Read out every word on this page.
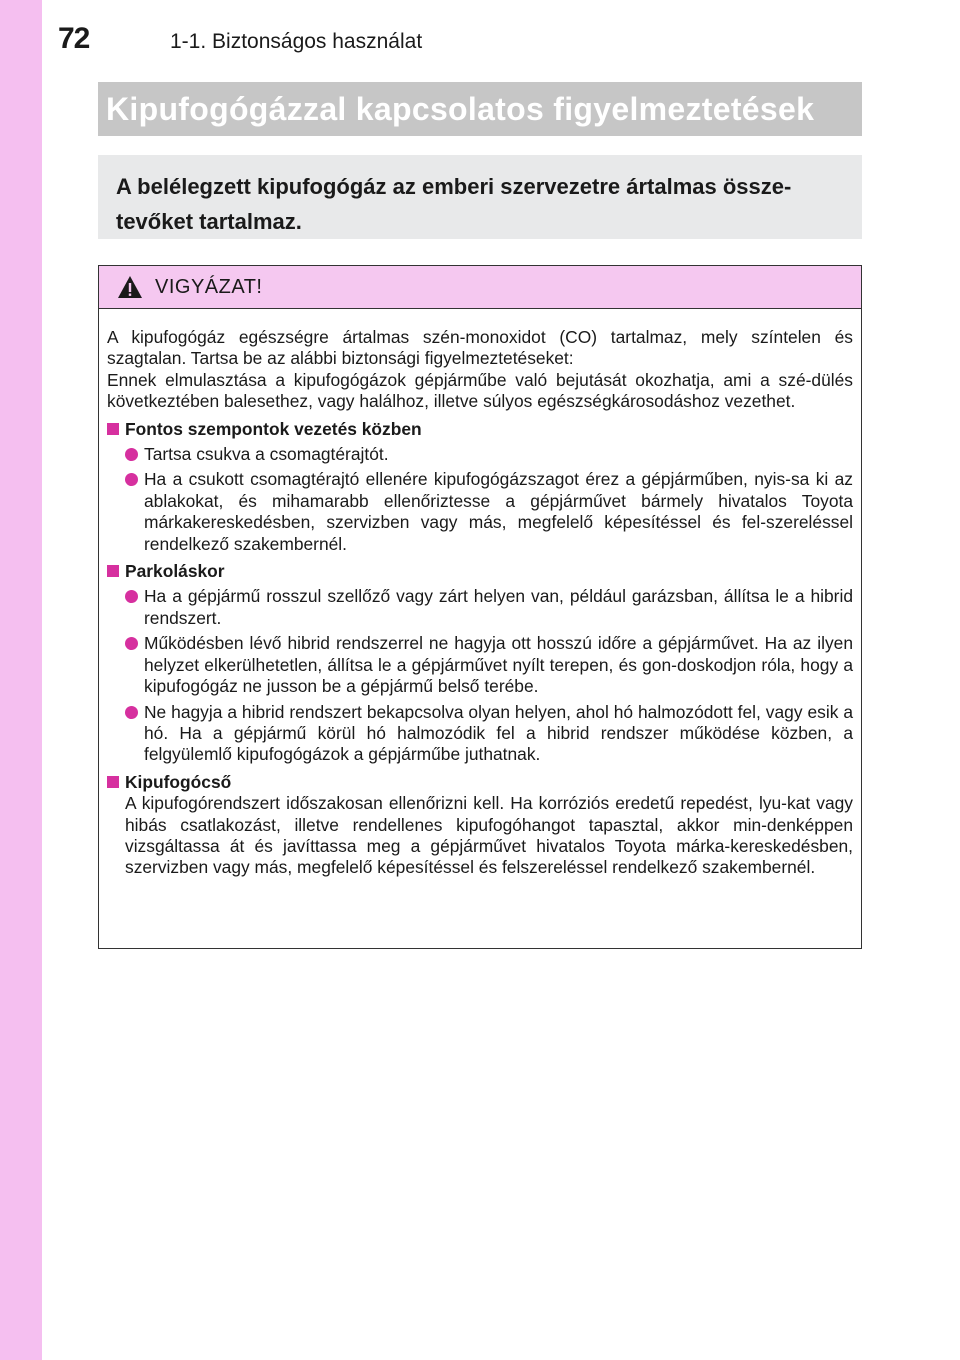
72	1-1. Biztonságos használat
Kipufogógázzal kapcsolatos figyelmeztetések
A belélegzett kipufogógáz az emberi szervezetre ártalmas össze-tevőket tartalmaz.
VIGYÁZAT!

A kipufogógáz egészségre ártalmas szén-monoxidot (CO) tartalmaz, mely színtelen és szagtalan. Tartsa be az alábbi biztonsági figyelmeztetéseket:

Ennek elmulasztása a kipufogógázok gépjárműbe való bejutását okozhatja, ami a szé-dülés következtében balesethez, vagy halálhoz, illetve súlyos egészségkárosodáshoz vezethet.

Fontos szempontok vezetés közben
Tartsa csukva a csomagtérajtót.
Ha a csukott csomagtérajtó ellenére kipufogógázszagot érez a gépjárműben, nyis-sa ki az ablakokat, és mihamarabb ellenőriztesse a gépjárművet bármely hivatalos Toyota márkakereskedésben, szervizben vagy más, megfelelő képesítéssel és fel-szereléssel rendelkező szakembernél.
Parkoláskor
Ha a gépjármű rosszul szellőző vagy zárt helyen van, például garázsban, állítsa le a hibrid rendszert.
Működésben lévő hibrid rendszerrel ne hagyja ott hosszú időre a gépjárművet. Ha az ilyen helyzet elkerülhetetlen, állítsa le a gépjárművet nyílt terepen, és gon-doskodjon róla, hogy a kipufogógáz ne jusson be a gépjármű belső terébe.
Ne hagyja a hibrid rendszert bekapcsolva olyan helyen, ahol hó halmozódott fel, vagy esik a hó. Ha a gépjármű körül hó halmozódik fel a hibrid rendszer működése közben, a felgyülemlő kipufogógázok a gépjárműbe juthatnak.
Kipufogócső
A kipufogórendszert időszakosan ellenőrizni kell. Ha korróziós eredetű repedést, lyu-kat vagy hibás csatlakozást, illetve rendellenes kipufogóhangot tapasztal, akkor min-denképpen vizsgáltassa át és javíttassa meg a gépjárművet hivatalos Toyota márka-kereskedésben, szervizben vagy más, megfelelő képesítéssel és felszereléssel rendelkező szakembernél.
